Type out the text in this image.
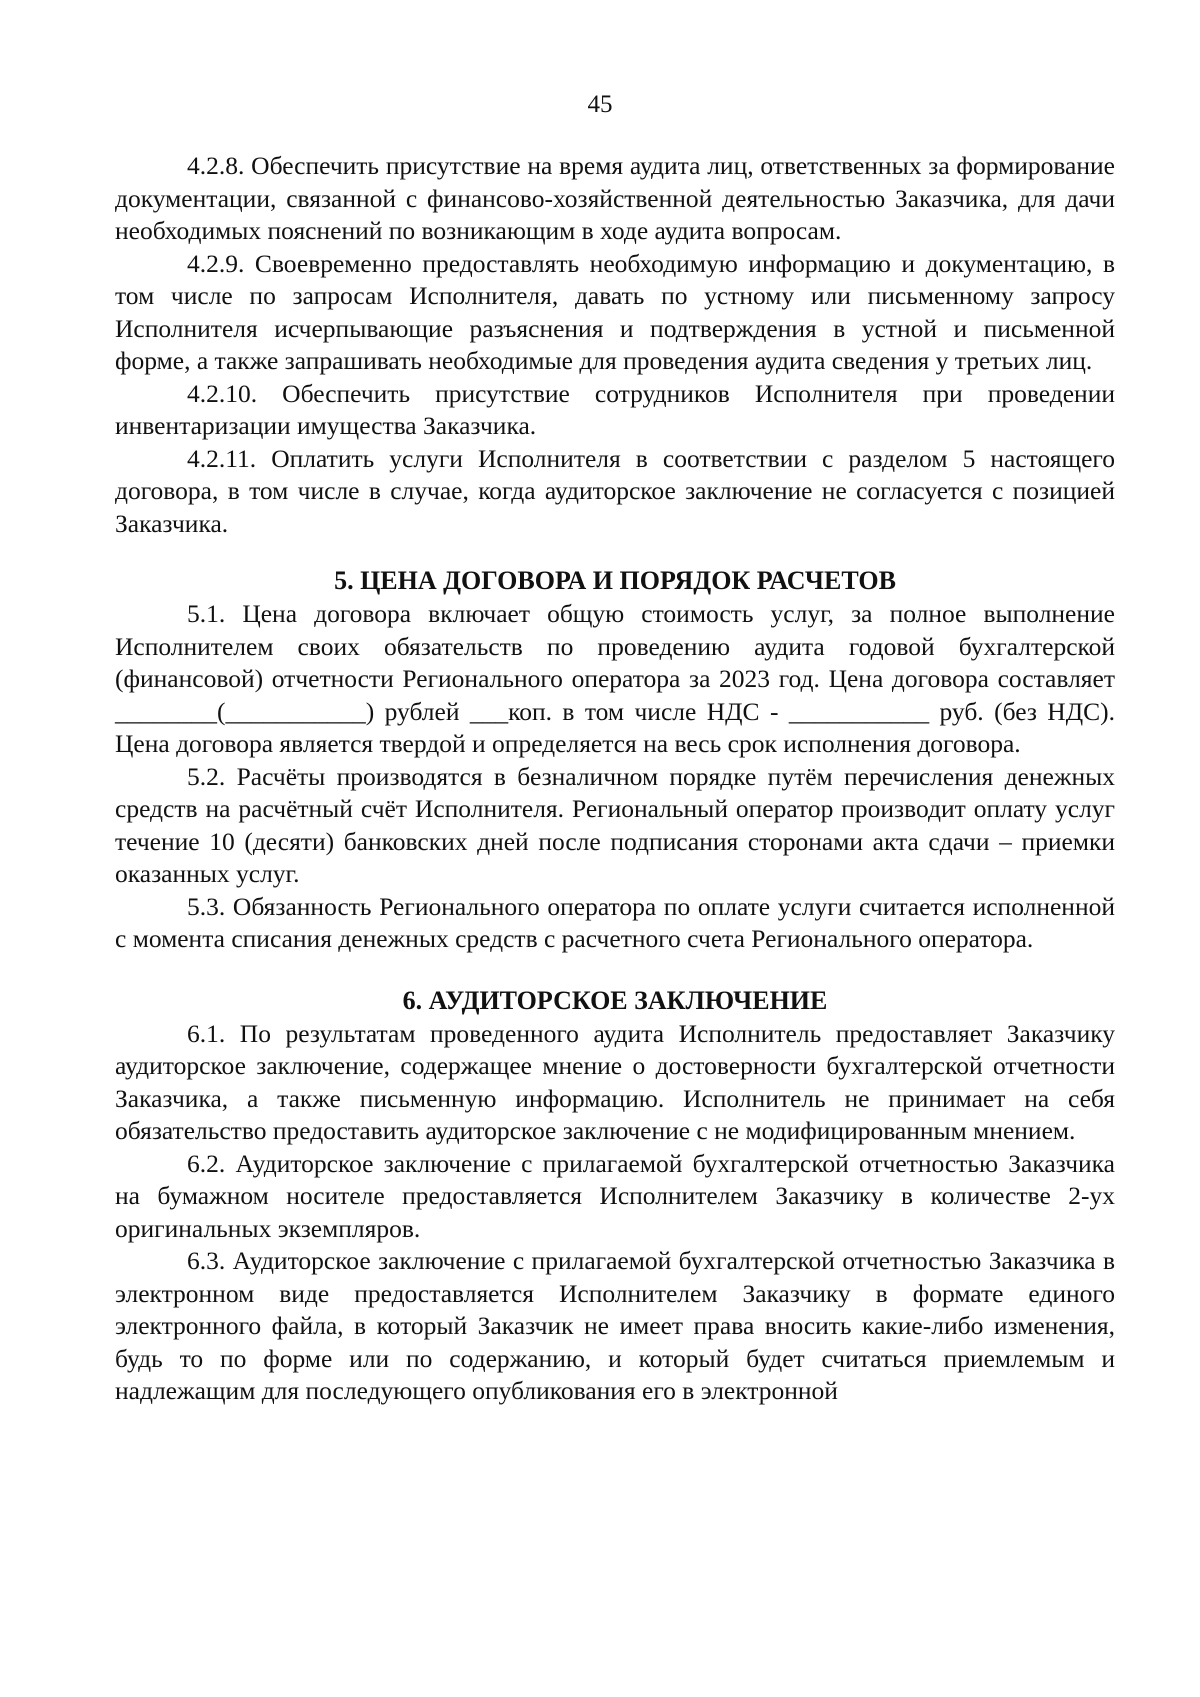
45

4.2.8. Обеспечить присутствие на время аудита лиц, ответственных за формирование документации, связанной с финансово-хозяйственной деятельностью Заказчика, для дачи необходимых пояснений по возникающим в ходе аудита вопросам.

4.2.9. Своевременно предоставлять необходимую информацию и документацию, в том числе по запросам Исполнителя, давать по устному или письменному запросу Исполнителя исчерпывающие разъяснения и подтверждения в устной и письменной форме, а также запрашивать необходимые для проведения аудита сведения у третьих лиц.

4.2.10. Обеспечить присутствие сотрудников Исполнителя при проведении инвентаризации имущества Заказчика.

4.2.11. Оплатить услуги Исполнителя в соответствии с разделом 5 настоящего договора, в том числе в случае, когда аудиторское заключение не согласуется с позицией Заказчика.

5. ЦЕНА ДОГОВОРА И ПОРЯДОК РАСЧЕТОВ

5.1. Цена договора включает общую стоимость услуг, за полное выполнение Исполнителем своих обязательств по проведению аудита годовой бухгалтерской (финансовой) отчетности Регионального оператора за 2023 год. Цена договора составляет ________(___________) рублей ___коп. в том числе НДС - ___________ руб. (без НДС). Цена договора является твердой и определяется на весь срок исполнения договора.

5.2. Расчёты производятся в безналичном порядке путём перечисления денежных средств на расчётный счёт Исполнителя. Региональный оператор производит оплату услуг течение 10 (десяти) банковских дней после подписания сторонами акта сдачи – приемки оказанных услуг.

5.3. Обязанность Регионального оператора по оплате услуги считается исполненной с момента списания денежных средств с расчетного счета Регионального оператора.

6. АУДИТОРСКОЕ ЗАКЛЮЧЕНИЕ

6.1. По результатам проведенного аудита Исполнитель предоставляет Заказчику аудиторское заключение, содержащее мнение о достоверности бухгалтерской отчетности Заказчика, а также письменную информацию. Исполнитель не принимает на себя обязательство предоставить аудиторское заключение с не модифицированным мнением.

6.2. Аудиторское заключение с прилагаемой бухгалтерской отчетностью Заказчика на бумажном носителе предоставляется Исполнителем Заказчику в количестве 2-ух оригинальных экземпляров.

6.3. Аудиторское заключение с прилагаемой бухгалтерской отчетностью Заказчика в электронном виде предоставляется Исполнителем Заказчику в формате единого электронного файла, в который Заказчик не имеет права вносить какие-либо изменения, будь то по форме или по содержанию, и который будет считаться приемлемым и надлежащим для последующего опубликования его в электронной
